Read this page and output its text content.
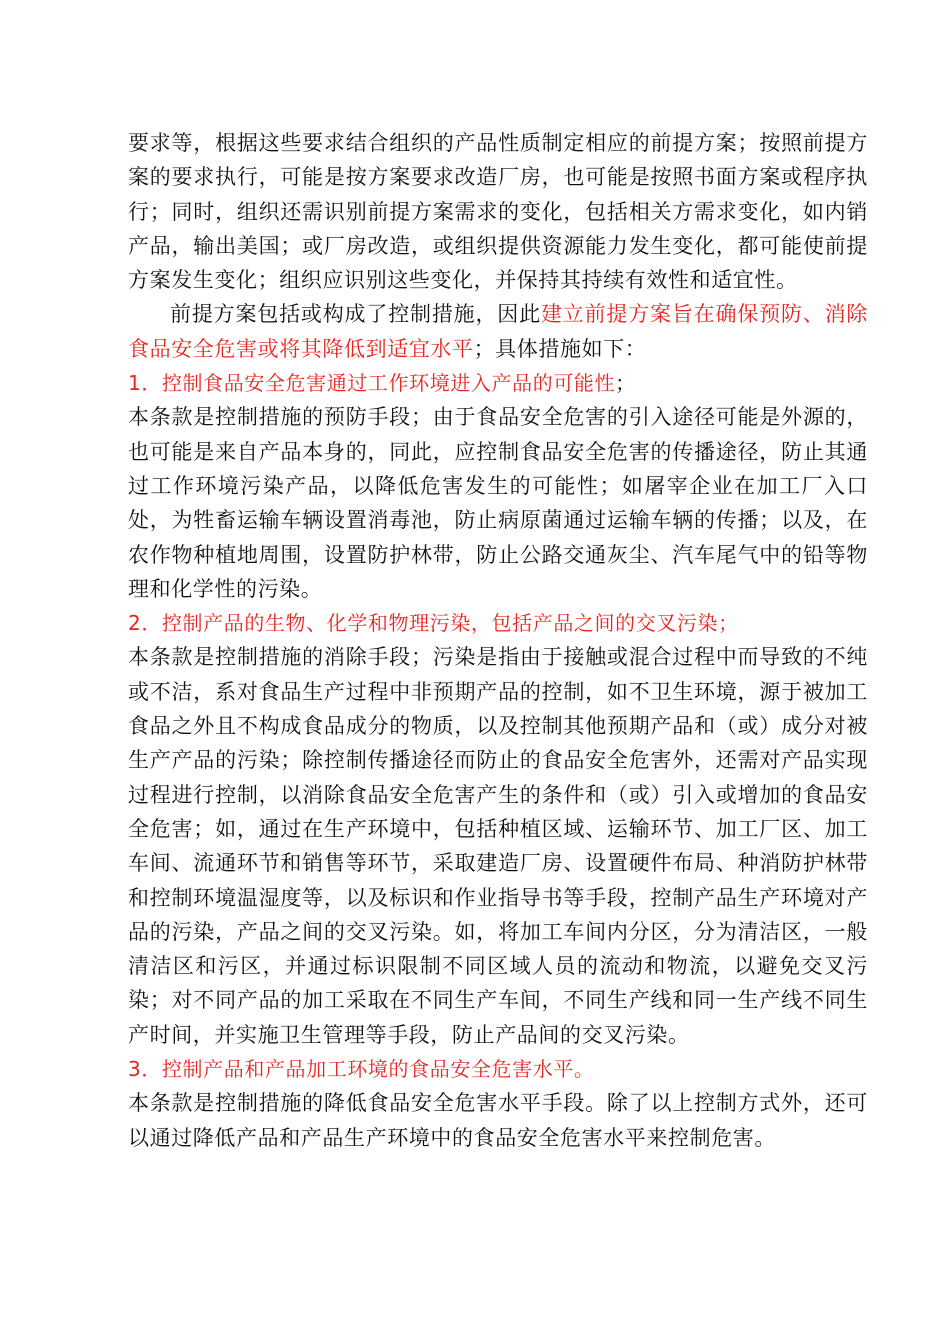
要求等，根据这些要求结合组织的产品性质制定相应的前提方案；按照前提方案的要求执行，可能是按方案要求改造厂房，也可能是按照书面方案或程序执行；同时，组织还需识别前提方案需求的变化，包括相关方需求变化，如内销产品，输出美国；或厂房改造，或组织提供资源能力发生变化，都可能使前提方案发生变化；组织应识别这些变化，并保持其持续有效性和适宜性。

前提方案包括或构成了控制措施，因此建立前提方案旨在确保预防、消除食品安全危害或将其降低到适宜水平；具体措施如下：

1．控制食品安全危害通过工作环境进入产品的可能性；

本条款是控制措施的预防手段；由于食品安全危害的引入途径可能是外源的，也可能是来自产品本身的，同此，应控制食品安全危害的传播途径，防止其通过工作环境污染产品，以降低危害发生的可能性；如屠宰企业在加工厂入口处，为牲畜运输车辆设置消毒池，防止病原菌通过运输车辆的传播；以及，在农作物种植地周围，设置防护林带，防止公路交通灰尘、汽车尾气中的铅等物理和化学性的污染。

2．控制产品的生物、化学和物理污染，包括产品之间的交叉污染；

本条款是控制措施的消除手段；污染是指由于接触或混合过程中而导致的不纯或不洁，系对食品生产过程中非预期产品的控制，如不卫生环境，源于被加工食品之外且不构成食品成分的物质，以及控制其他预期产品和（或）成分对被生产产品的污染；除控制传播途径而防止的食品安全危害外，还需对产品实现过程进行控制，以消除食品安全危害产生的条件和（或）引入或增加的食品安全危害；如，通过在生产环境中，包括种植区域、运输环节、加工厂区、加工车间、流通环节和销售等环节，采取建造厂房、设置硬件布局、种消防护林带和控制环境温湿度等，以及标识和作业指导书等手段，控制产品生产环境对产品的污染，产品之间的交叉污染。如，将加工车间内分区，分为清洁区，一般清洁区和污区，并通过标识限制不同区域人员的流动和物流，以避免交叉污染；对不同产品的加工采取在不同生产车间，不同生产线和同一生产线不同生产时间，并实施卫生管理等手段，防止产品间的交叉污染。

3．控制产品和产品加工环境的食品安全危害水平。

本条款是控制措施的降低食品安全危害水平手段。除了以上控制方式外，还可以通过降低产品和产品生产环境中的食品安全危害水平来控制危害。
